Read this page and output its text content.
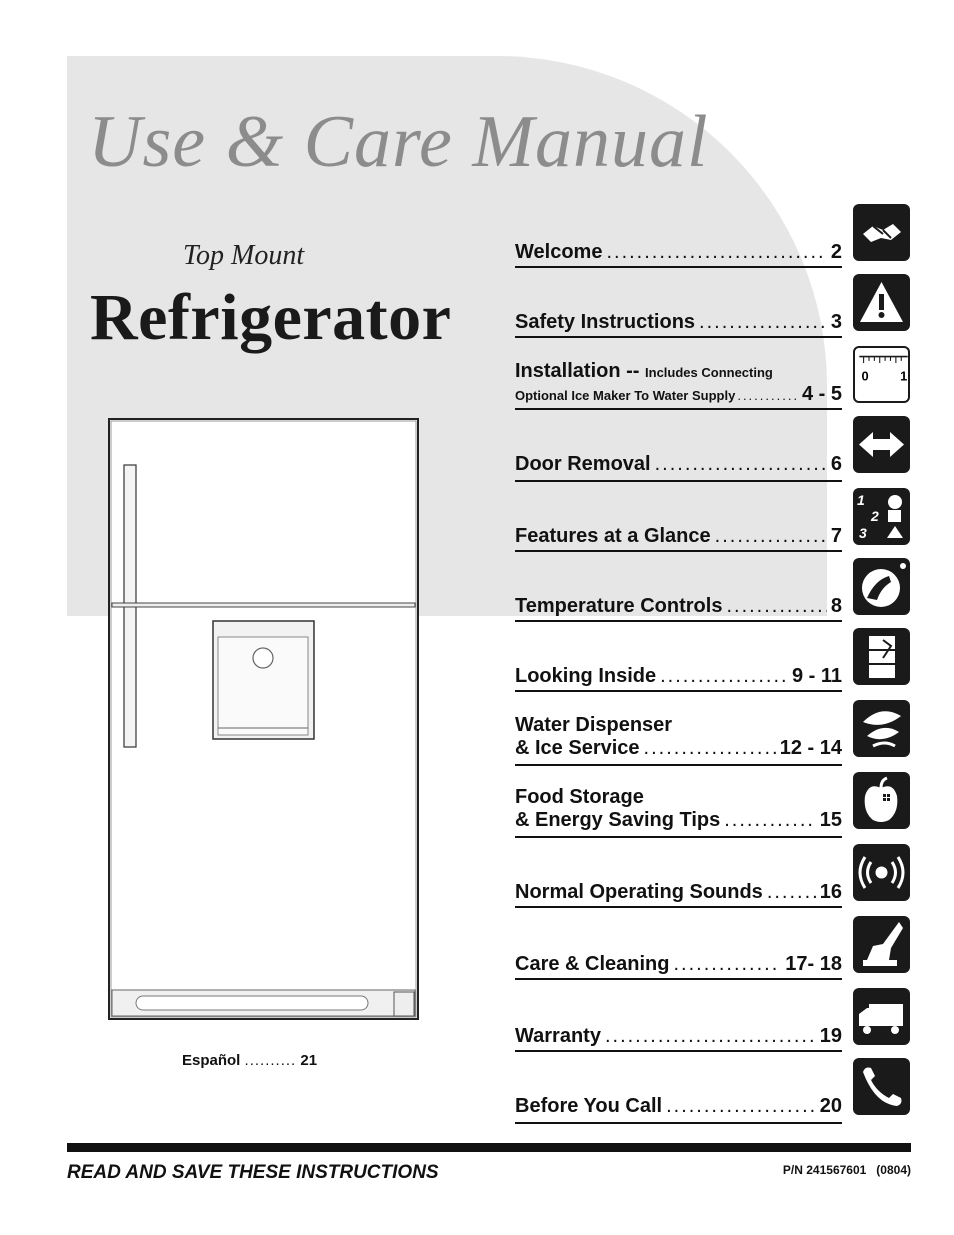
Use & Care Manual
Top Mount
Refrigerator
Español .......... 21
Welcome .....	2
Safety Instructions .....	3
Installation -- Includes Connecting
Optional Ice Maker To Water Supply .....	4 - 5
0	1
Door Removal .....	6
Features at a Glance .....	7
1
2
3
Temperature Controls .....	8
Looking Inside .....	9 - 11
Water Dispenser
& Ice Service .....	12 - 14
Food Storage
& Energy Saving Tips .....	15
Normal Operating Sounds .....	16
Care & Cleaning .....	17- 18
Warranty .....	19
Before You Call .....	20
READ AND SAVE THESE INSTRUCTIONS	P/N 241567601   (0804)
